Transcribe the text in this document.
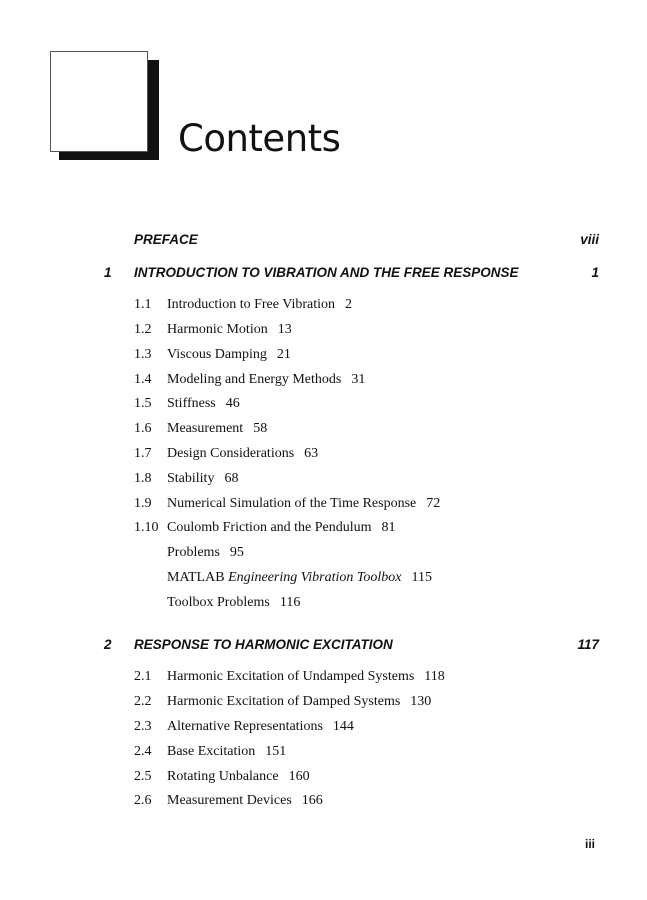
Contents
PREFACE	viii
1 INTRODUCTION TO VIBRATION AND THE FREE RESPONSE	1
1.1 Introduction to Free Vibration 2
1.2 Harmonic Motion 13
1.3 Viscous Damping 21
1.4 Modeling and Energy Methods 31
1.5 Stiffness 46
1.6 Measurement 58
1.7 Design Considerations 63
1.8 Stability 68
1.9 Numerical Simulation of the Time Response 72
1.10 Coulomb Friction and the Pendulum 81
Problems 95
MATLAB Engineering Vibration Toolbox 115
Toolbox Problems 116
2 RESPONSE TO HARMONIC EXCITATION	117
2.1 Harmonic Excitation of Undamped Systems 118
2.2 Harmonic Excitation of Damped Systems 130
2.3 Alternative Representations 144
2.4 Base Excitation 151
2.5 Rotating Unbalance 160
2.6 Measurement Devices 166
iii
